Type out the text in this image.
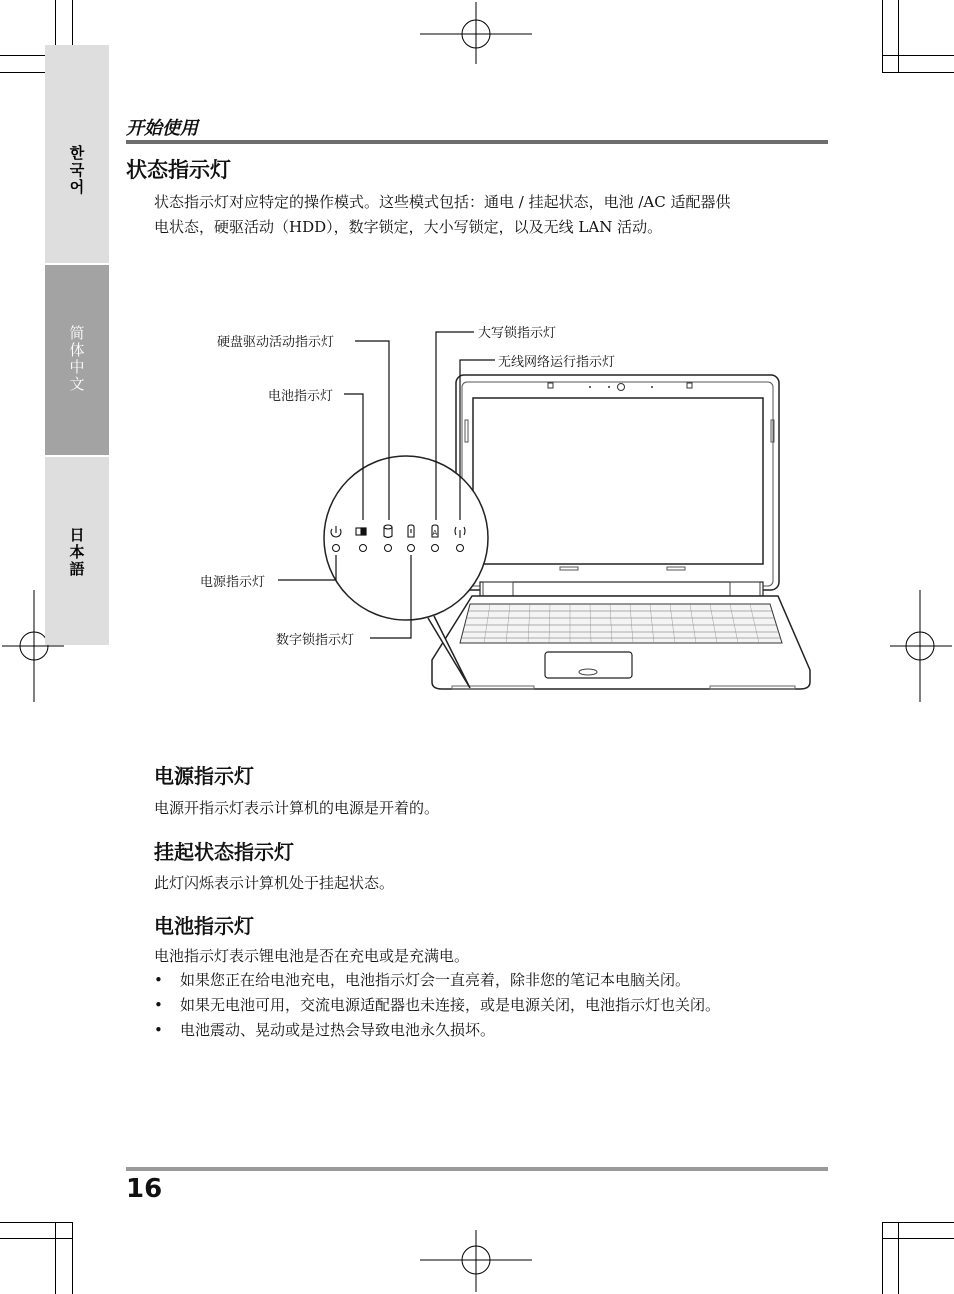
한국어
简体中文
日本語
开始使用
状态指示灯
状态指示灯对应特定的操作模式。这些模式包括：通电 / 挂起状态，电池 /AC 适配器供
电状态，硬驱活动（HDD），数字锁定，大小写锁定，以及无线 LAN 活动。
A
硬盘驱动活动指示灯
大写锁指示灯
无线网络运行指示灯
电池指示灯
电源指示灯
数字锁指示灯
电源指示灯
电源开指示灯表示计算机的电源是开着的。
挂起状态指示灯
此灯闪烁表示计算机处于挂起状态。
电池指示灯
电池指示灯表示锂电池是否在充电或是充满电。
• 如果您正在给电池充电，电池指示灯会一直亮着，除非您的笔记本电脑关闭。
• 如果无电池可用，交流电源适配器也未连接，或是电源关闭，电池指示灯也关闭。
• 电池震动、晃动或是过热会导致电池永久损坏。
16
